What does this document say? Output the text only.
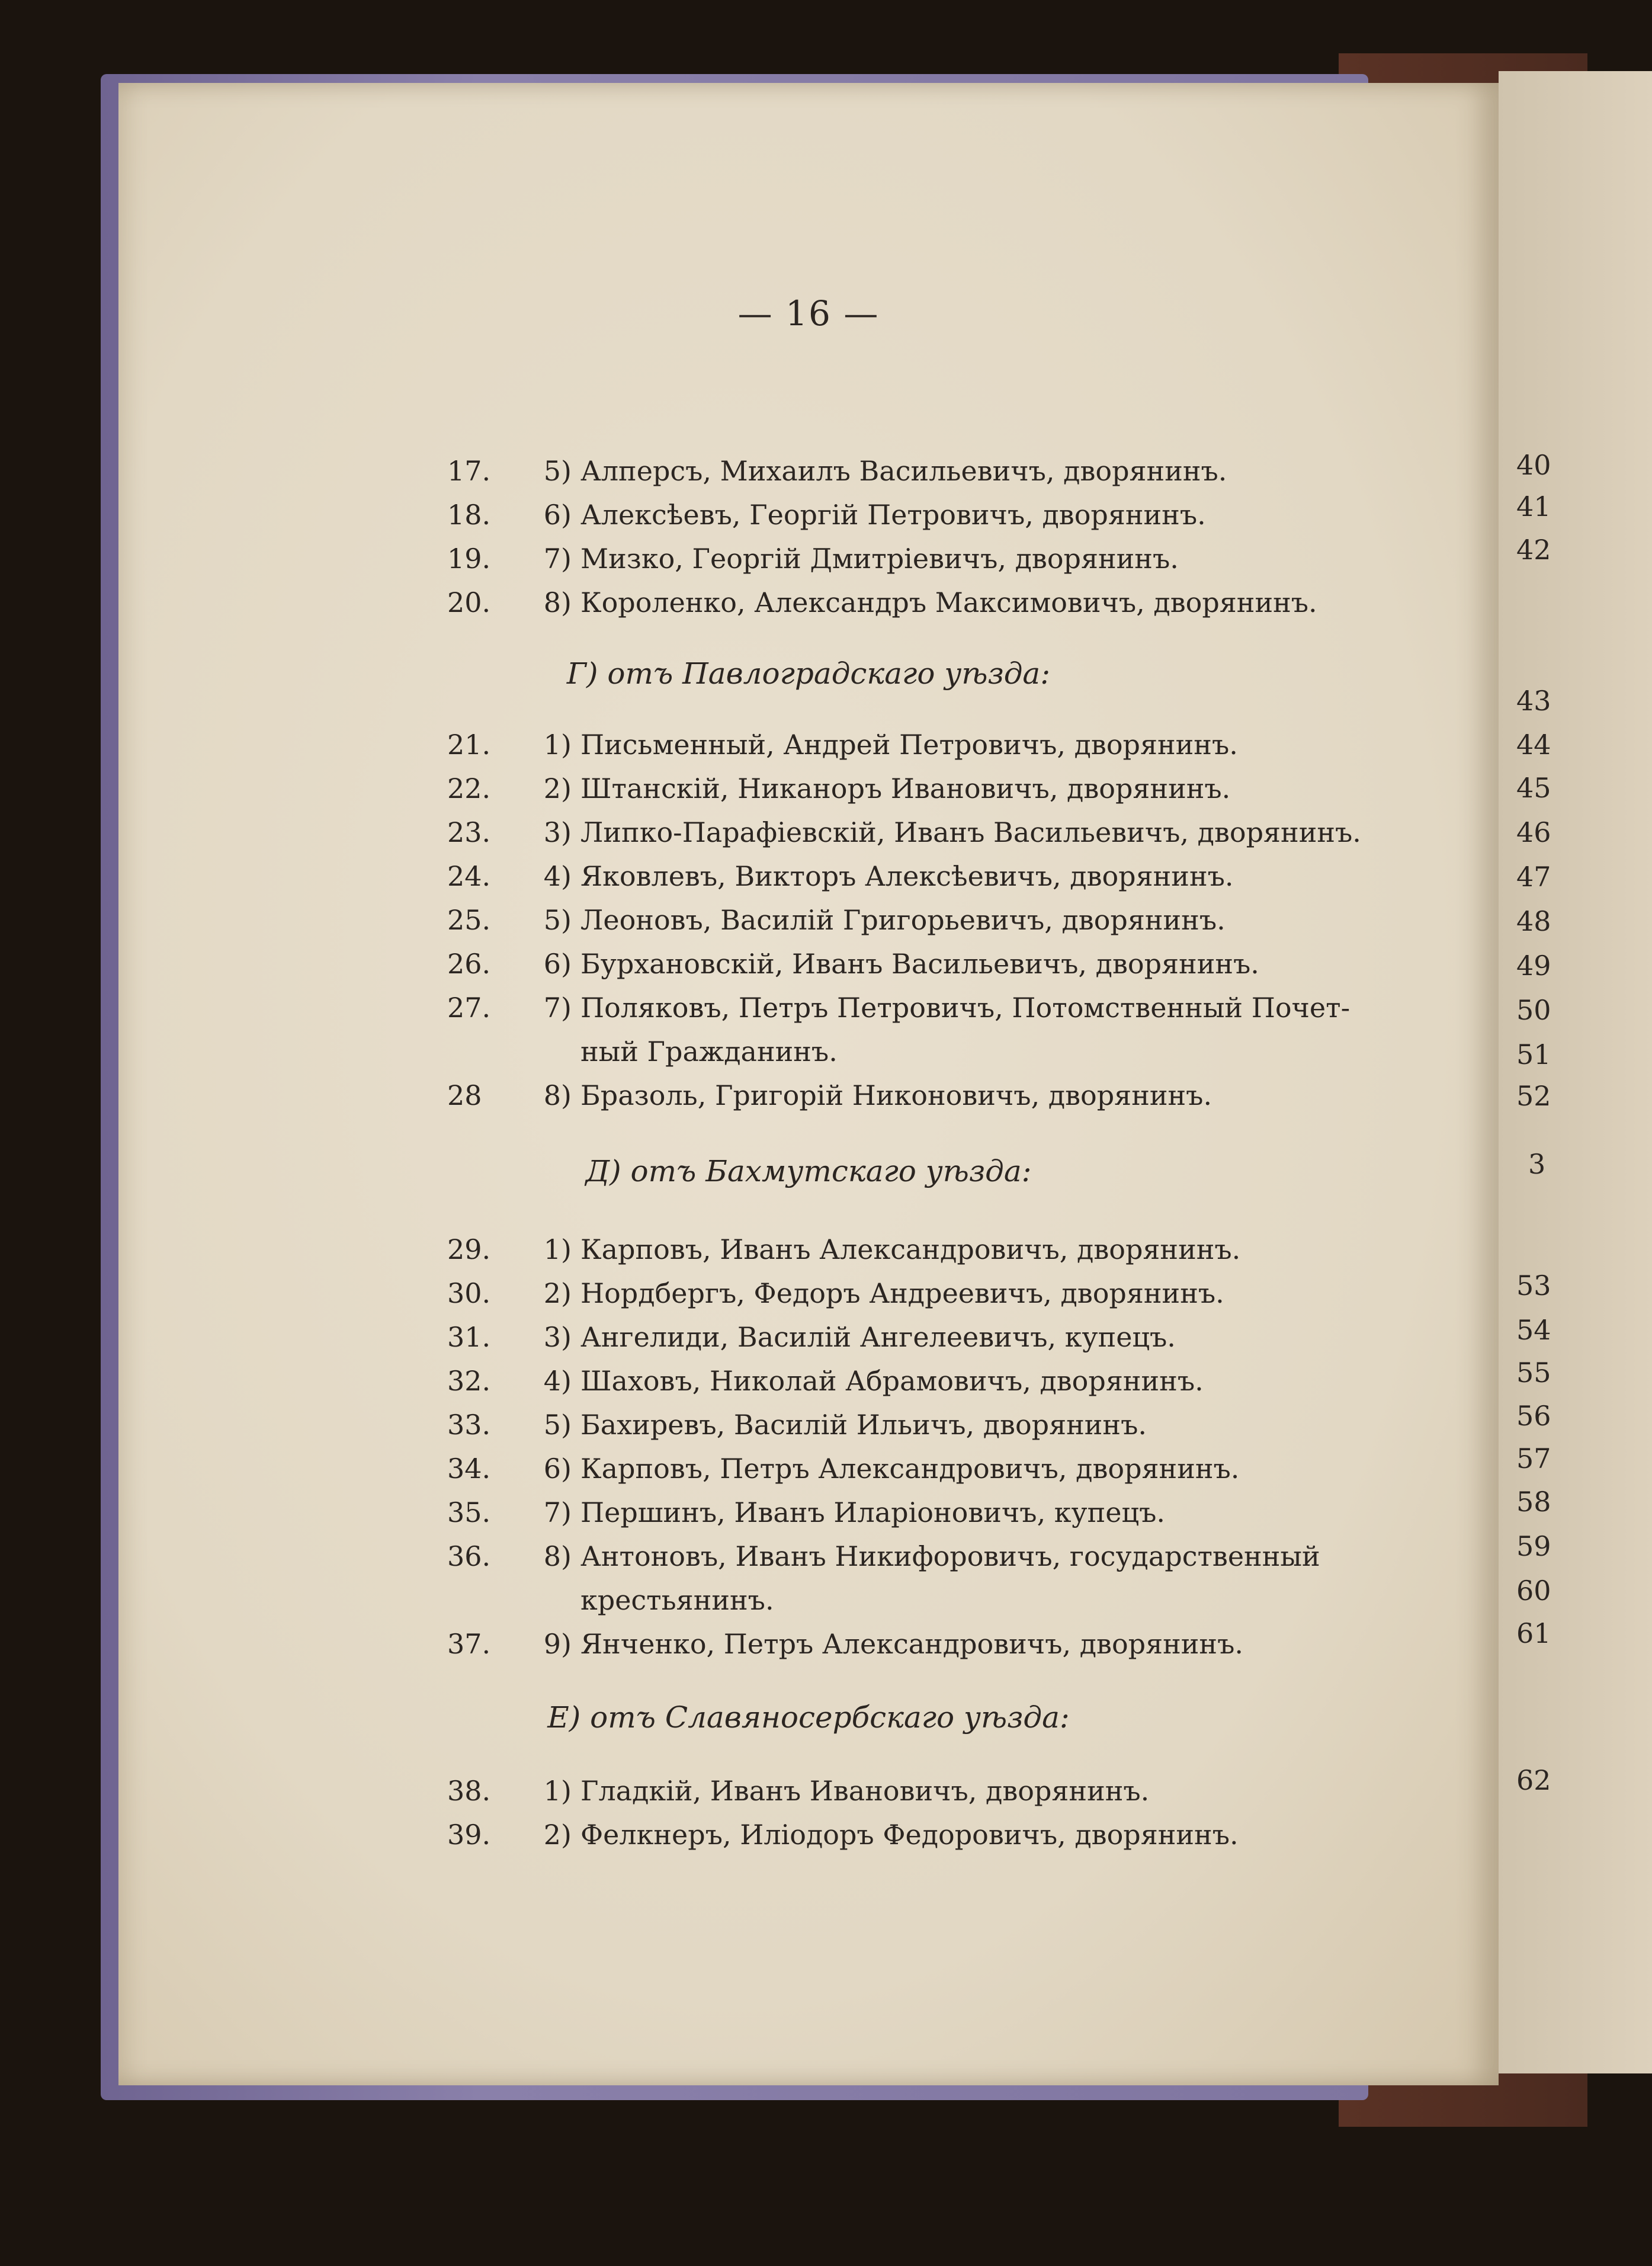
40
41
42
43
44
45
46
47
48
49
50
51
52
3
53
54
55
56
57
58
59
60
61
62
— 16 —
17.	5) Алперсъ, Михаилъ Васильевичъ, дворянинъ.
18.	6) Алексѣевъ, Георгій Петровичъ, дворянинъ.
19.	7) Мизко, Георгій Дмитріевичъ, дворянинъ.
20.	8) Короленко, Александръ Максимовичъ, дворянинъ.
Г) отъ Павлоградскаго уѣзда:
21.	1) Письменный, Андрей Петровичъ, дворянинъ.
22.	2) Штанскій, Никаноръ Ивановичъ, дворянинъ.
23.	3) Липко-Парафіевскій, Иванъ Васильевичъ, дворянинъ.
24.	4) Яковлевъ, Викторъ Алексѣевичъ, дворянинъ.
25.	5) Леоновъ, Василій Григорьевичъ, дворянинъ.
26.	6) Бурхановскій, Иванъ Васильевичъ, дворянинъ.
27.	7) Поляковъ, Петръ Петровичъ, Потомственный Почет-
ный Гражданинъ.
28	8) Бразоль, Григорій Никоновичъ, дворянинъ.
Д) отъ Бахмутскаго уѣзда:
29.	1) Карповъ, Иванъ Александровичъ, дворянинъ.
30.	2) Нордбергъ, Федоръ Андреевичъ, дворянинъ.
31.	3) Ангелиди, Василій Ангелеевичъ, купецъ.
32.	4) Шаховъ, Николай Абрамовичъ, дворянинъ.
33.	5) Бахиревъ, Василій Ильичъ, дворянинъ.
34.	6) Карповъ, Петръ Александровичъ, дворянинъ.
35.	7) Першинъ, Иванъ Иларіоновичъ, купецъ.
36.	8) Антоновъ, Иванъ Никифоровичъ, государственный
крестьянинъ.
37.	9) Янченко, Петръ Александровичъ, дворянинъ.
Е) отъ Славяносербскаго уѣзда:
38.	1) Гладкій, Иванъ Ивановичъ, дворянинъ.
39.	2) Фелкнеръ, Иліодоръ Федоровичъ, дворянинъ.
